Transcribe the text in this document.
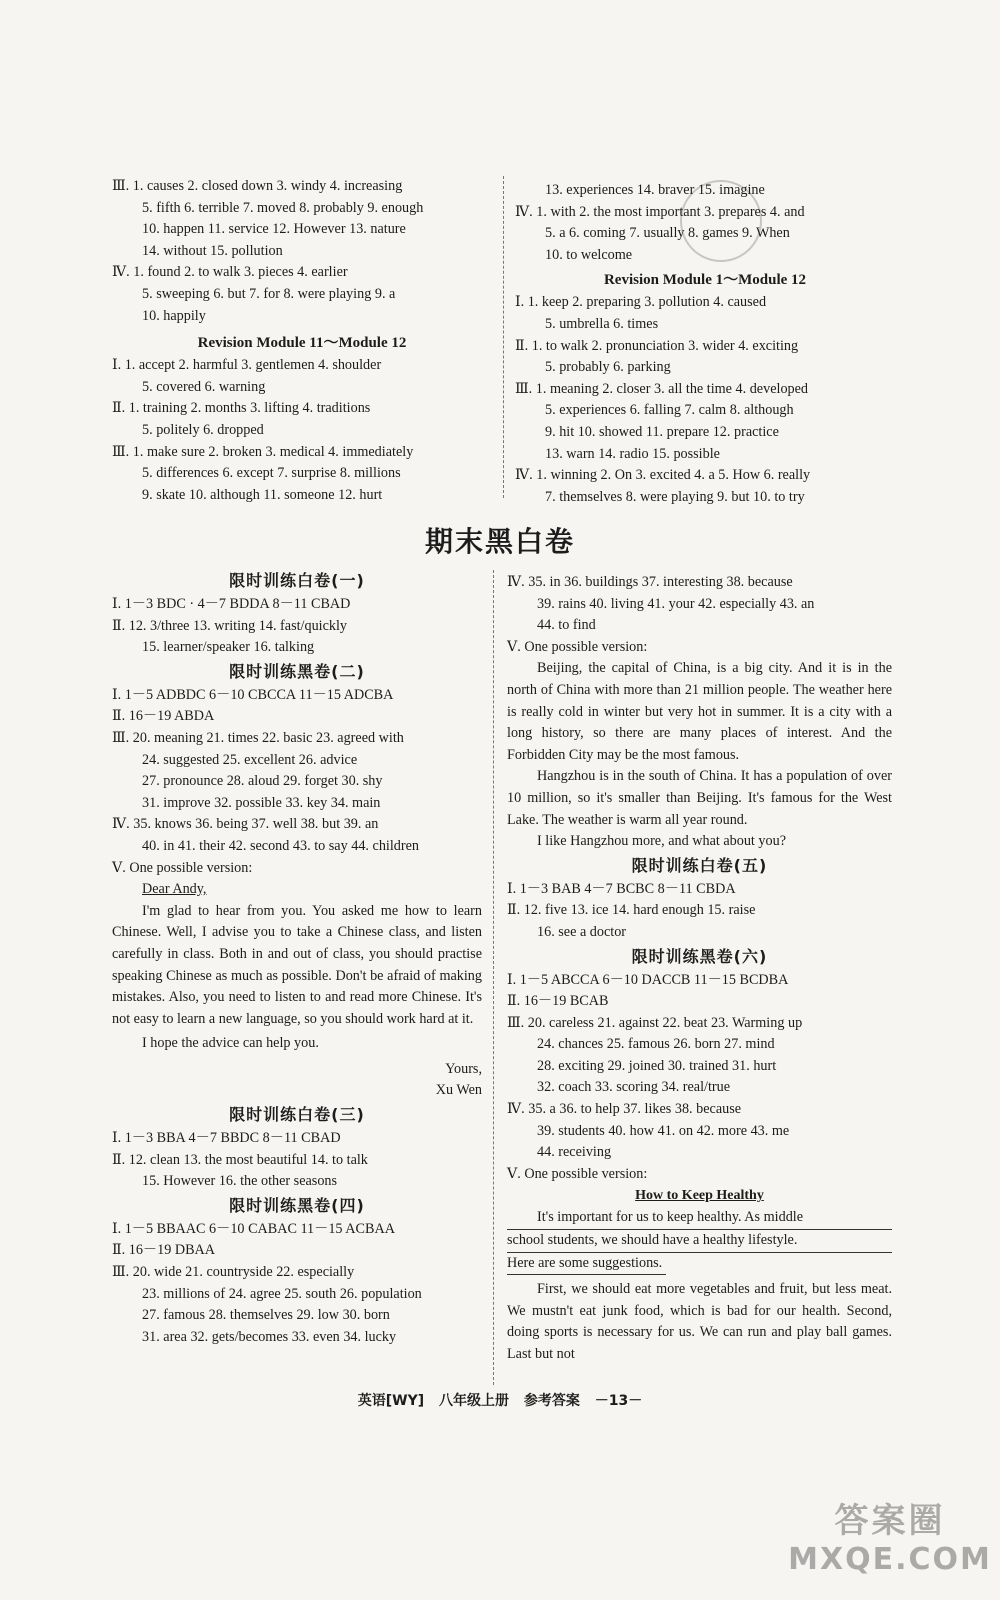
Ⅲ. 1. causes 2. closed down 3. windy 4. increasing
5. fifth 6. terrible 7. moved 8. probably 9. enough
10. happen 11. service 12. However 13. nature
14. without 15. pollution
Ⅳ. 1. found 2. to walk 3. pieces 4. earlier
5. sweeping 6. but 7. for 8. were playing 9. a
10. happily
Revision Module 11～Module 12
Ⅰ. 1. accept 2. harmful 3. gentlemen 4. shoulder
5. covered 6. warning
Ⅱ. 1. training 2. months 3. lifting 4. traditions
5. politely 6. dropped
Ⅲ. 1. make sure 2. broken 3. medical 4. immediately
5. differences 6. except 7. surprise 8. millions
9. skate 10. although 11. someone 12. hurt
13. experiences 14. braver 15. imagine
Ⅳ. 1. with 2. the most important 3. prepares 4. and
5. a 6. coming 7. usually 8. games 9. When
10. to welcome
Revision Module 1～Module 12
Ⅰ. 1. keep 2. preparing 3. pollution 4. caused
5. umbrella 6. times
Ⅱ. 1. to walk 2. pronunciation 3. wider 4. exciting
5. probably 6. parking
Ⅲ. 1. meaning 2. closer 3. all the time 4. developed
5. experiences 6. falling 7. calm 8. although
9. hit 10. showed 11. prepare 12. practice
13. warn 14. radio 15. possible
Ⅳ. 1. winning 2. On 3. excited 4. a 5. How 6. really
7. themselves 8. were playing 9. but 10. to try
期末黑白卷
限时训练白卷(一)
Ⅰ. 1－3 BDC · 4－7 BDDA 8－11 CBAD
Ⅱ. 12. 3/three 13. writing 14. fast/quickly
15. learner/speaker 16. talking
限时训练黑卷(二)
Ⅰ. 1－5 ADBDC 6－10 CBCCA 11－15 ADCBA
Ⅱ. 16－19 ABDA
Ⅲ. 20. meaning 21. times 22. basic 23. agreed with
24. suggested 25. excellent 26. advice
27. pronounce 28. aloud 29. forget 30. shy
31. improve 32. possible 33. key 34. main
Ⅳ. 35. knows 36. being 37. well 38. but 39. an
40. in 41. their 42. second 43. to say 44. children
Ⅴ. One possible version:
Dear Andy,
I'm glad to hear from you. You asked me how to learn Chinese. Well, I advise you to take a Chinese class, and listen carefully in class. Both in and out of class, you should practise speaking Chinese as much as possible. Don't be afraid of making mistakes. Also, you need to listen to and read more Chinese. It's not easy to learn a new language, so you should work hard at it.
I hope the advice can help you.
Yours,
Xu Wen
限时训练白卷(三)
Ⅰ. 1－3 BBA 4－7 BBDC 8－11 CBAD
Ⅱ. 12. clean 13. the most beautiful 14. to talk
15. However 16. the other seasons
限时训练黑卷(四)
Ⅰ. 1－5 BBAAC 6－10 CABAC 11－15 ACBAA
Ⅱ. 16－19 DBAA
Ⅲ. 20. wide 21. countryside 22. especially
23. millions of 24. agree 25. south 26. population
27. famous 28. themselves 29. low 30. born
31. area 32. gets/becomes 33. even 34. lucky
Ⅳ. 35. in 36. buildings 37. interesting 38. because
39. rains 40. living 41. your 42. especially 43. an
44. to find
Ⅴ. One possible version:
Beijing, the capital of China, is a big city. And it is in the north of China with more than 21 million people. The weather here is really cold in winter but very hot in summer. It is a city with a long history, so there are many places of interest. And the Forbidden City may be the most famous.
Hangzhou is in the south of China. It has a population of over 10 million, so it's smaller than Beijing. It's famous for the West Lake. The weather is warm all year round.
I like Hangzhou more, and what about you?
限时训练白卷(五)
Ⅰ. 1－3 BAB 4－7 BCBC 8－11 CBDA
Ⅱ. 12. five 13. ice 14. hard enough 15. raise
16. see a doctor
限时训练黑卷(六)
Ⅰ. 1－5 ABCCA 6－10 DACCB 11－15 BCDBA
Ⅱ. 16－19 BCAB
Ⅲ. 20. careless 21. against 22. beat 23. Warming up
24. chances 25. famous 26. born 27. mind
28. exciting 29. joined 30. trained 31. hurt
32. coach 33. scoring 34. real/true
Ⅳ. 35. a 36. to help 37. likes 38. because
39. students 40. how 41. on 42. more 43. me
44. receiving
Ⅴ. One possible version:
How to Keep Healthy
It's important for us to keep healthy. As middle
school students, we should have a healthy lifestyle.
Here are some suggestions.
First, we should eat more vegetables and fruit, but less meat. We mustn't eat junk food, which is bad for our health. Second, doing sports is necessary for us. We can run and play ball games. Last but not
英语[WY] 八年级上册 参考答案 －13－
答案圈
MXQE.COM
